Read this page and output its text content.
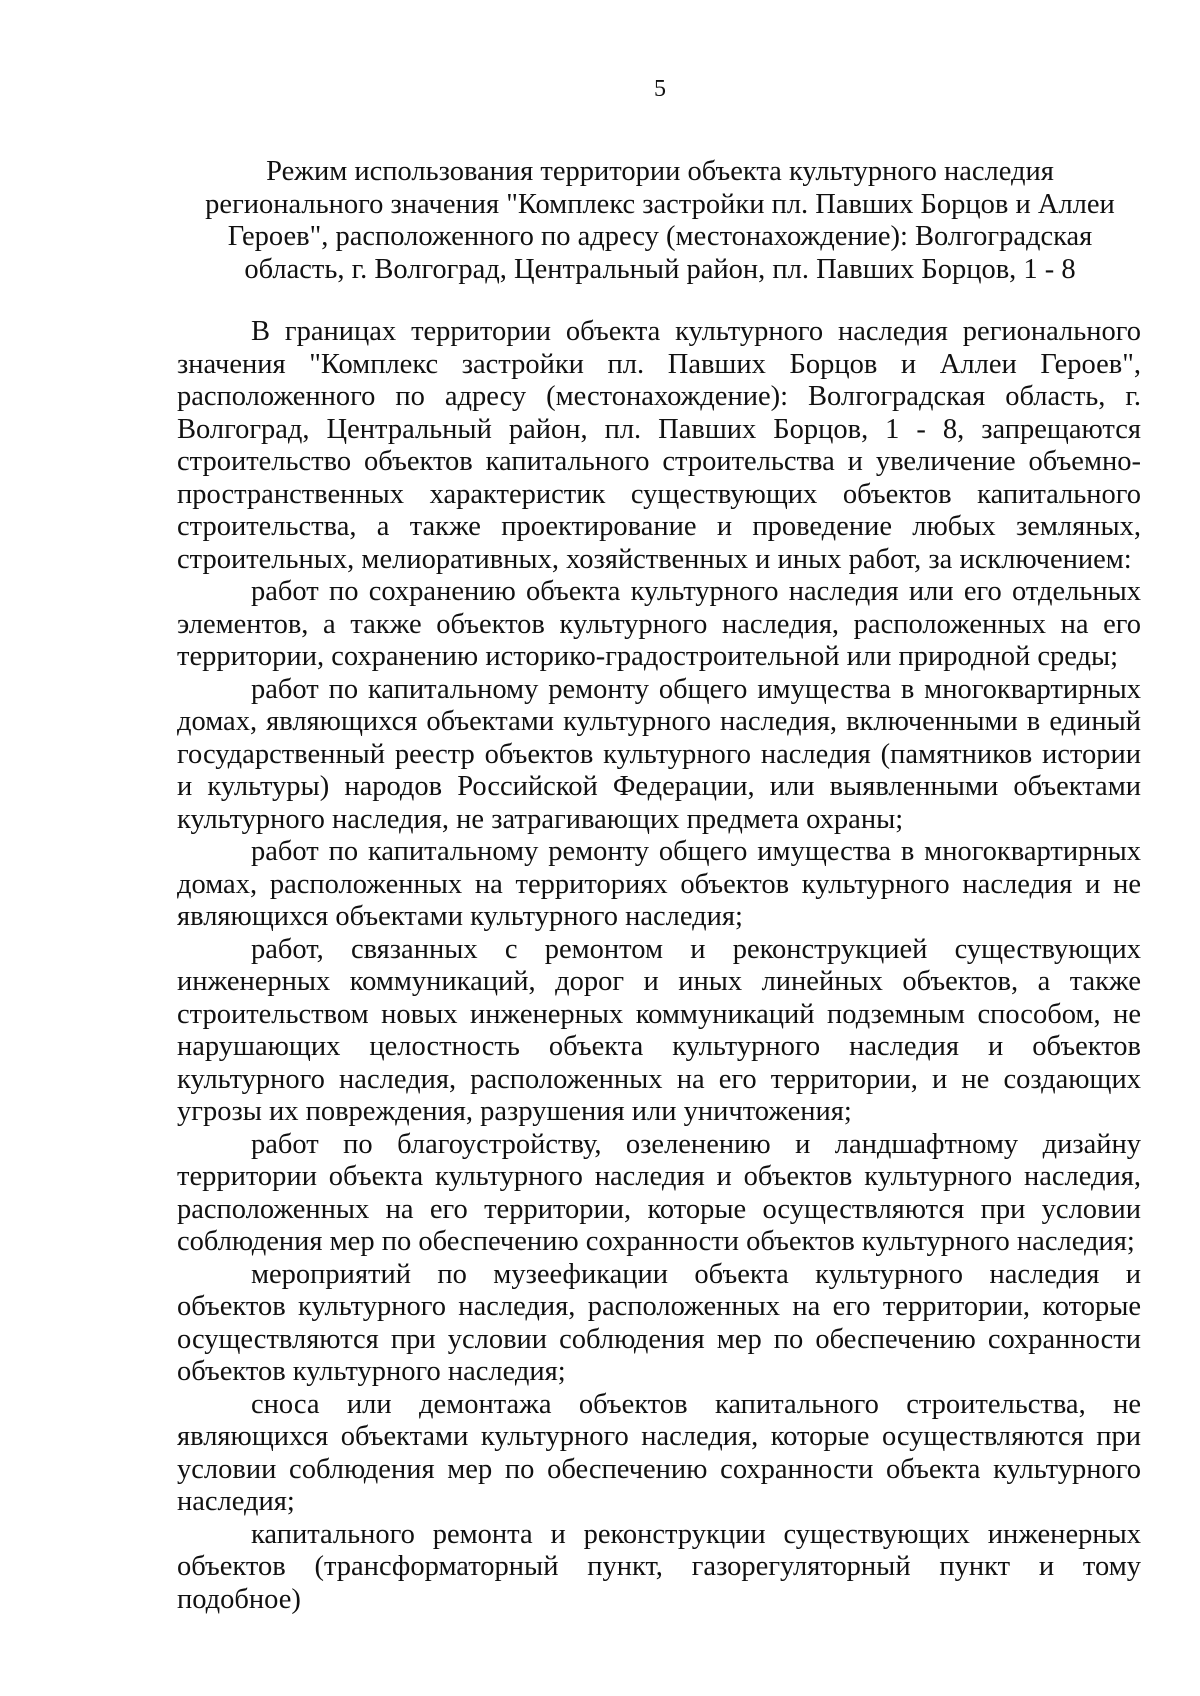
5
Режим использования территории объекта культурного наследия
регионального значения "Комплекс застройки пл. Павших Борцов и Аллеи
Героев", расположенного по адресу (местонахождение): Волгоградская
область, г. Волгоград, Центральный район, пл. Павших Борцов, 1 - 8

В границах территории объекта культурного наследия регионального значения "Комплекс застройки пл. Павших Борцов и Аллеи Героев", расположенного по адресу (местонахождение): Волгоградская область, г. Волгоград, Центральный район, пл. Павших Борцов, 1 - 8, запрещаются строительство объектов капитального строительства и увеличение объемно-пространственных характеристик существующих объектов капитального строительства, а также проектирование и проведение любых земляных, строительных, мелиоративных, хозяйственных и иных работ, за исключением:

работ по сохранению объекта культурного наследия или его отдельных элементов, а также объектов культурного наследия, расположенных на его территории, сохранению историко-градостроительной или природной среды;

работ по капитальному ремонту общего имущества в многоквартирных домах, являющихся объектами культурного наследия, включенными в единый государственный реестр объектов культурного наследия (памятников истории и культуры) народов Российской Федерации, или выявленными объектами культурного наследия, не затрагивающих предмета охраны;

работ по капитальному ремонту общего имущества в многоквартирных домах, расположенных на территориях объектов культурного наследия и не являющихся объектами культурного наследия;

работ, связанных с ремонтом и реконструкцией существующих инженерных коммуникаций, дорог и иных линейных объектов, а также строительством новых инженерных коммуникаций подземным способом, не нарушающих целостность объекта культурного наследия и объектов культурного наследия, расположенных на его территории, и не создающих угрозы их повреждения, разрушения или уничтожения;

работ по благоустройству, озеленению и ландшафтному дизайну территории объекта культурного наследия и объектов культурного наследия, расположенных на его территории, которые осуществляются при условии соблюдения мер по обеспечению сохранности объектов культурного наследия;

мероприятий по музеефикации объекта культурного наследия и объектов культурного наследия, расположенных на его территории, которые осуществляются при условии соблюдения мер по обеспечению сохранности объектов культурного наследия;

сноса или демонтажа объектов капитального строительства, не являющихся объектами культурного наследия, которые осуществляются при условии соблюдения мер по обеспечению сохранности объекта культурного наследия;

капитального ремонта и реконструкции существующих инженерных объектов (трансформаторный пункт, газорегуляторный пункт и тому подобное)
